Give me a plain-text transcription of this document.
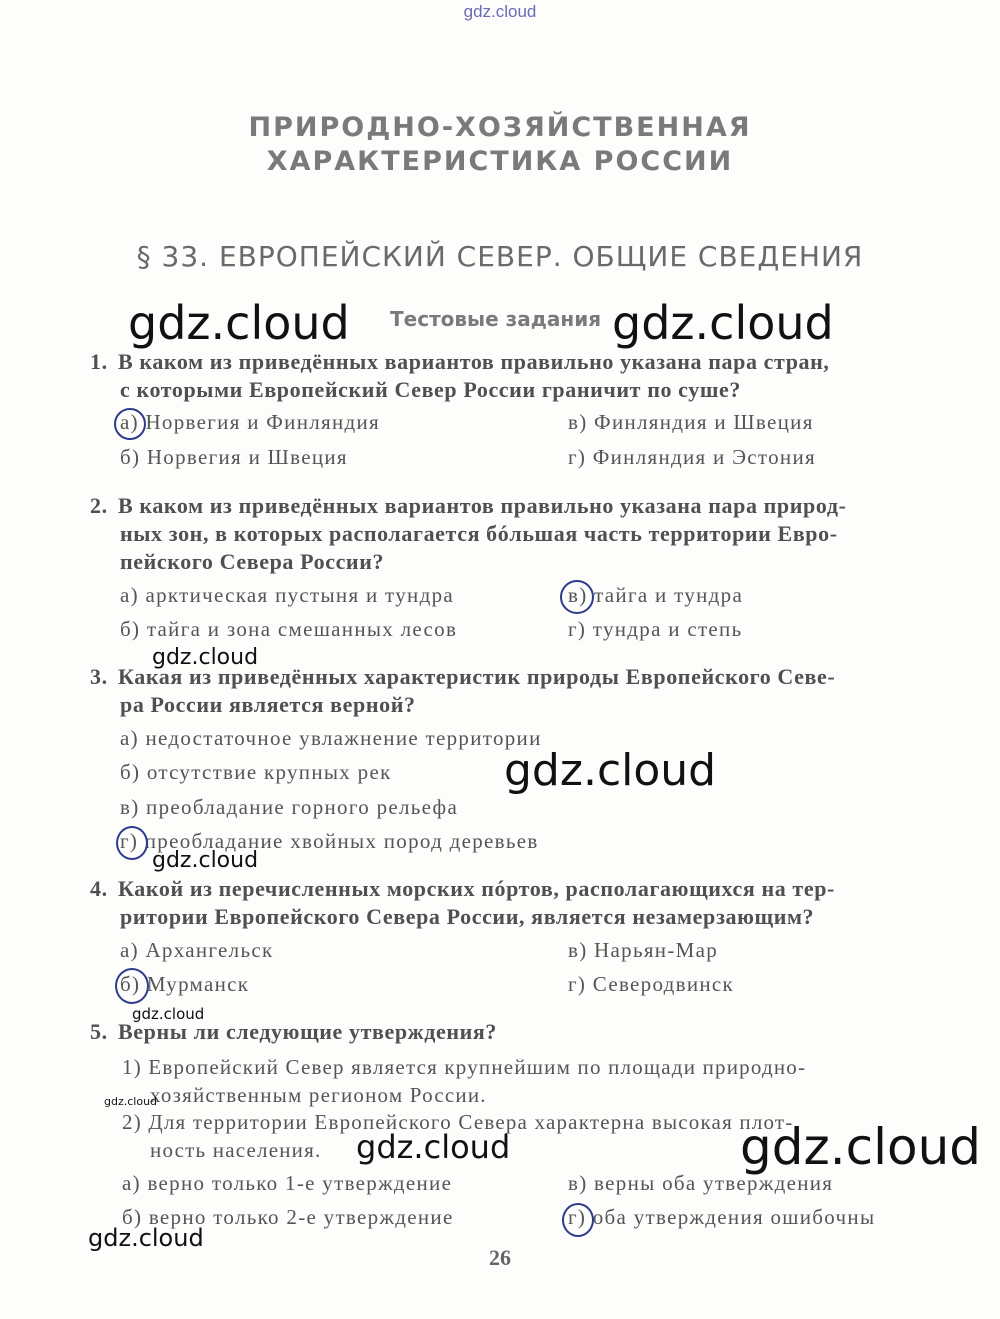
gdz.cloud
ПРИРОДНО-ХОЗЯЙСТВЕННАЯ
ХАРАКТЕРИСТИКА РОССИИ
§ 33. ЕВРОПЕЙСКИЙ СЕВЕР. ОБЩИЕ СВЕДЕНИЯ
Тестовые задания
1. В каком из приведённых вариантов правильно указана пара стран,
с которыми Европейский Север России граничит по суше?
а) Норвегия и Финляндия	в) Финляндия и Швеция
б) Норвегия и Швеция	г) Финляндия и Эстония
2. В каком из приведённых вариантов правильно указана пара природ-
ных зон, в которых располагается бóльшая часть территории Евро-
пейского Севера России?
а) арктическая пустыня и тундра	в) тайга и тундра
б) тайга и зона смешанных лесов	г) тундра и степь
3. Какая из приведённых характеристик природы Европейского Севе-
ра России является верной?
а) недостаточное увлажнение территории
б) отсутствие крупных рек
в) преобладание горного рельефа
г) преобладание хвойных пород деревьев
4. Какой из перечисленных морских пóртов, располагающихся на тер-
ритории Европейского Севера России, является незамерзающим?
а) Архангельск	в) Нарьян-Мар
б) Мурманск	г) Северодвинск
5. Верны ли следующие утверждения?
1) Европейский Север является крупнейшим по площади природно-
хозяйственным регионом России.
2) Для территории Европейского Севера характерна высокая плот-
ность населения.
а) верно только 1-е утверждение	в) верны оба утверждения
б) верно только 2-е утверждение	г) оба утверждения ошибочны
26
gdz.cloud	gdz.cloud
gdz.cloud
gdz.cloud
gdz.cloud
gdz.cloud
gdz.cloud
gdz.cloud	gdz.cloud
gdz.cloud
